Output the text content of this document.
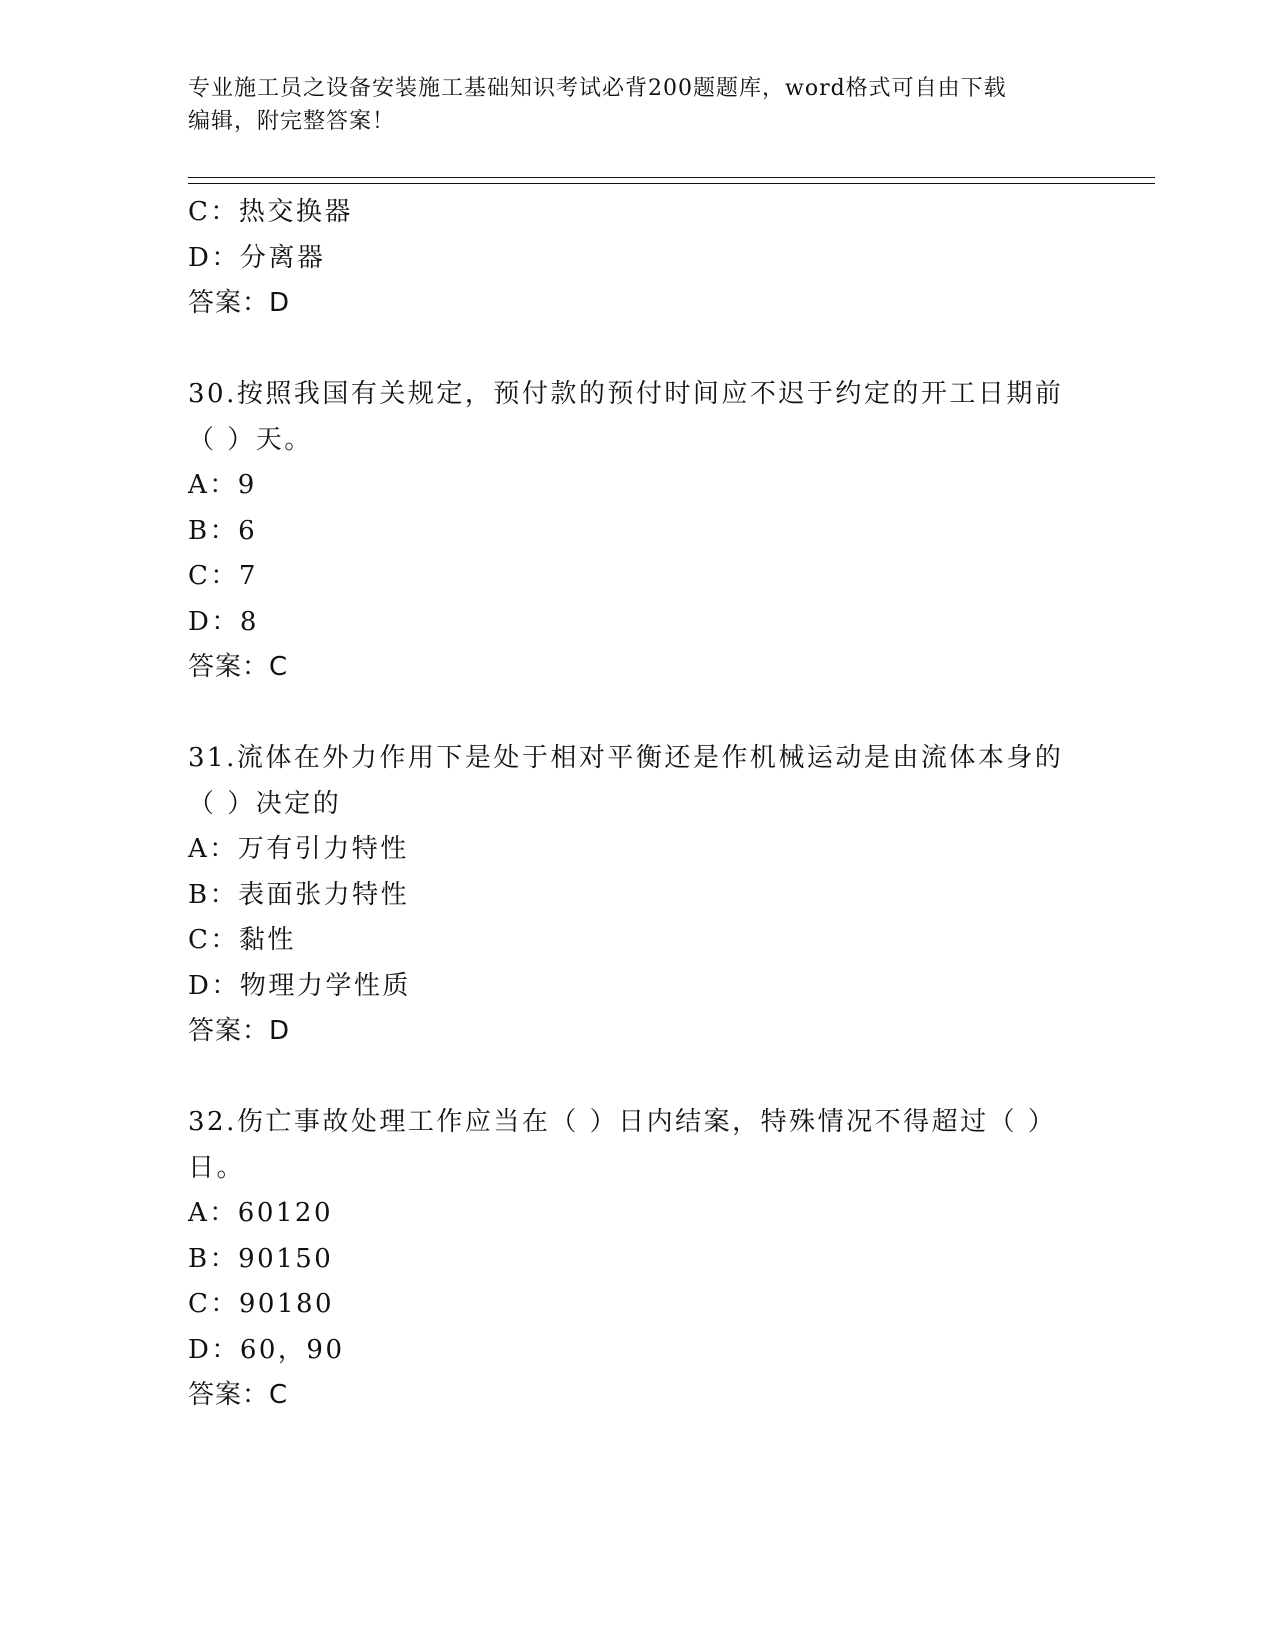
专业施工员之设备安装施工基础知识考试必背200题题库，word格式可自由下载
编辑，附完整答案！
C：热交换器
D：分离器
答案：D
30.按照我国有关规定，预付款的预付时间应不迟于约定的开工日期前
（ ）天。
A：9
B：6
C：7
D：8
答案：C
31.流体在外力作用下是处于相对平衡还是作机械运动是由流体本身的
（ ）决定的
A：万有引力特性
B：表面张力特性
C：黏性
D：物理力学性质
答案：D
32.伤亡事故处理工作应当在（ ）日内结案，特殊情况不得超过（ ）
日。
A：60120
B：90150
C：90180
D：60，90
答案：C
